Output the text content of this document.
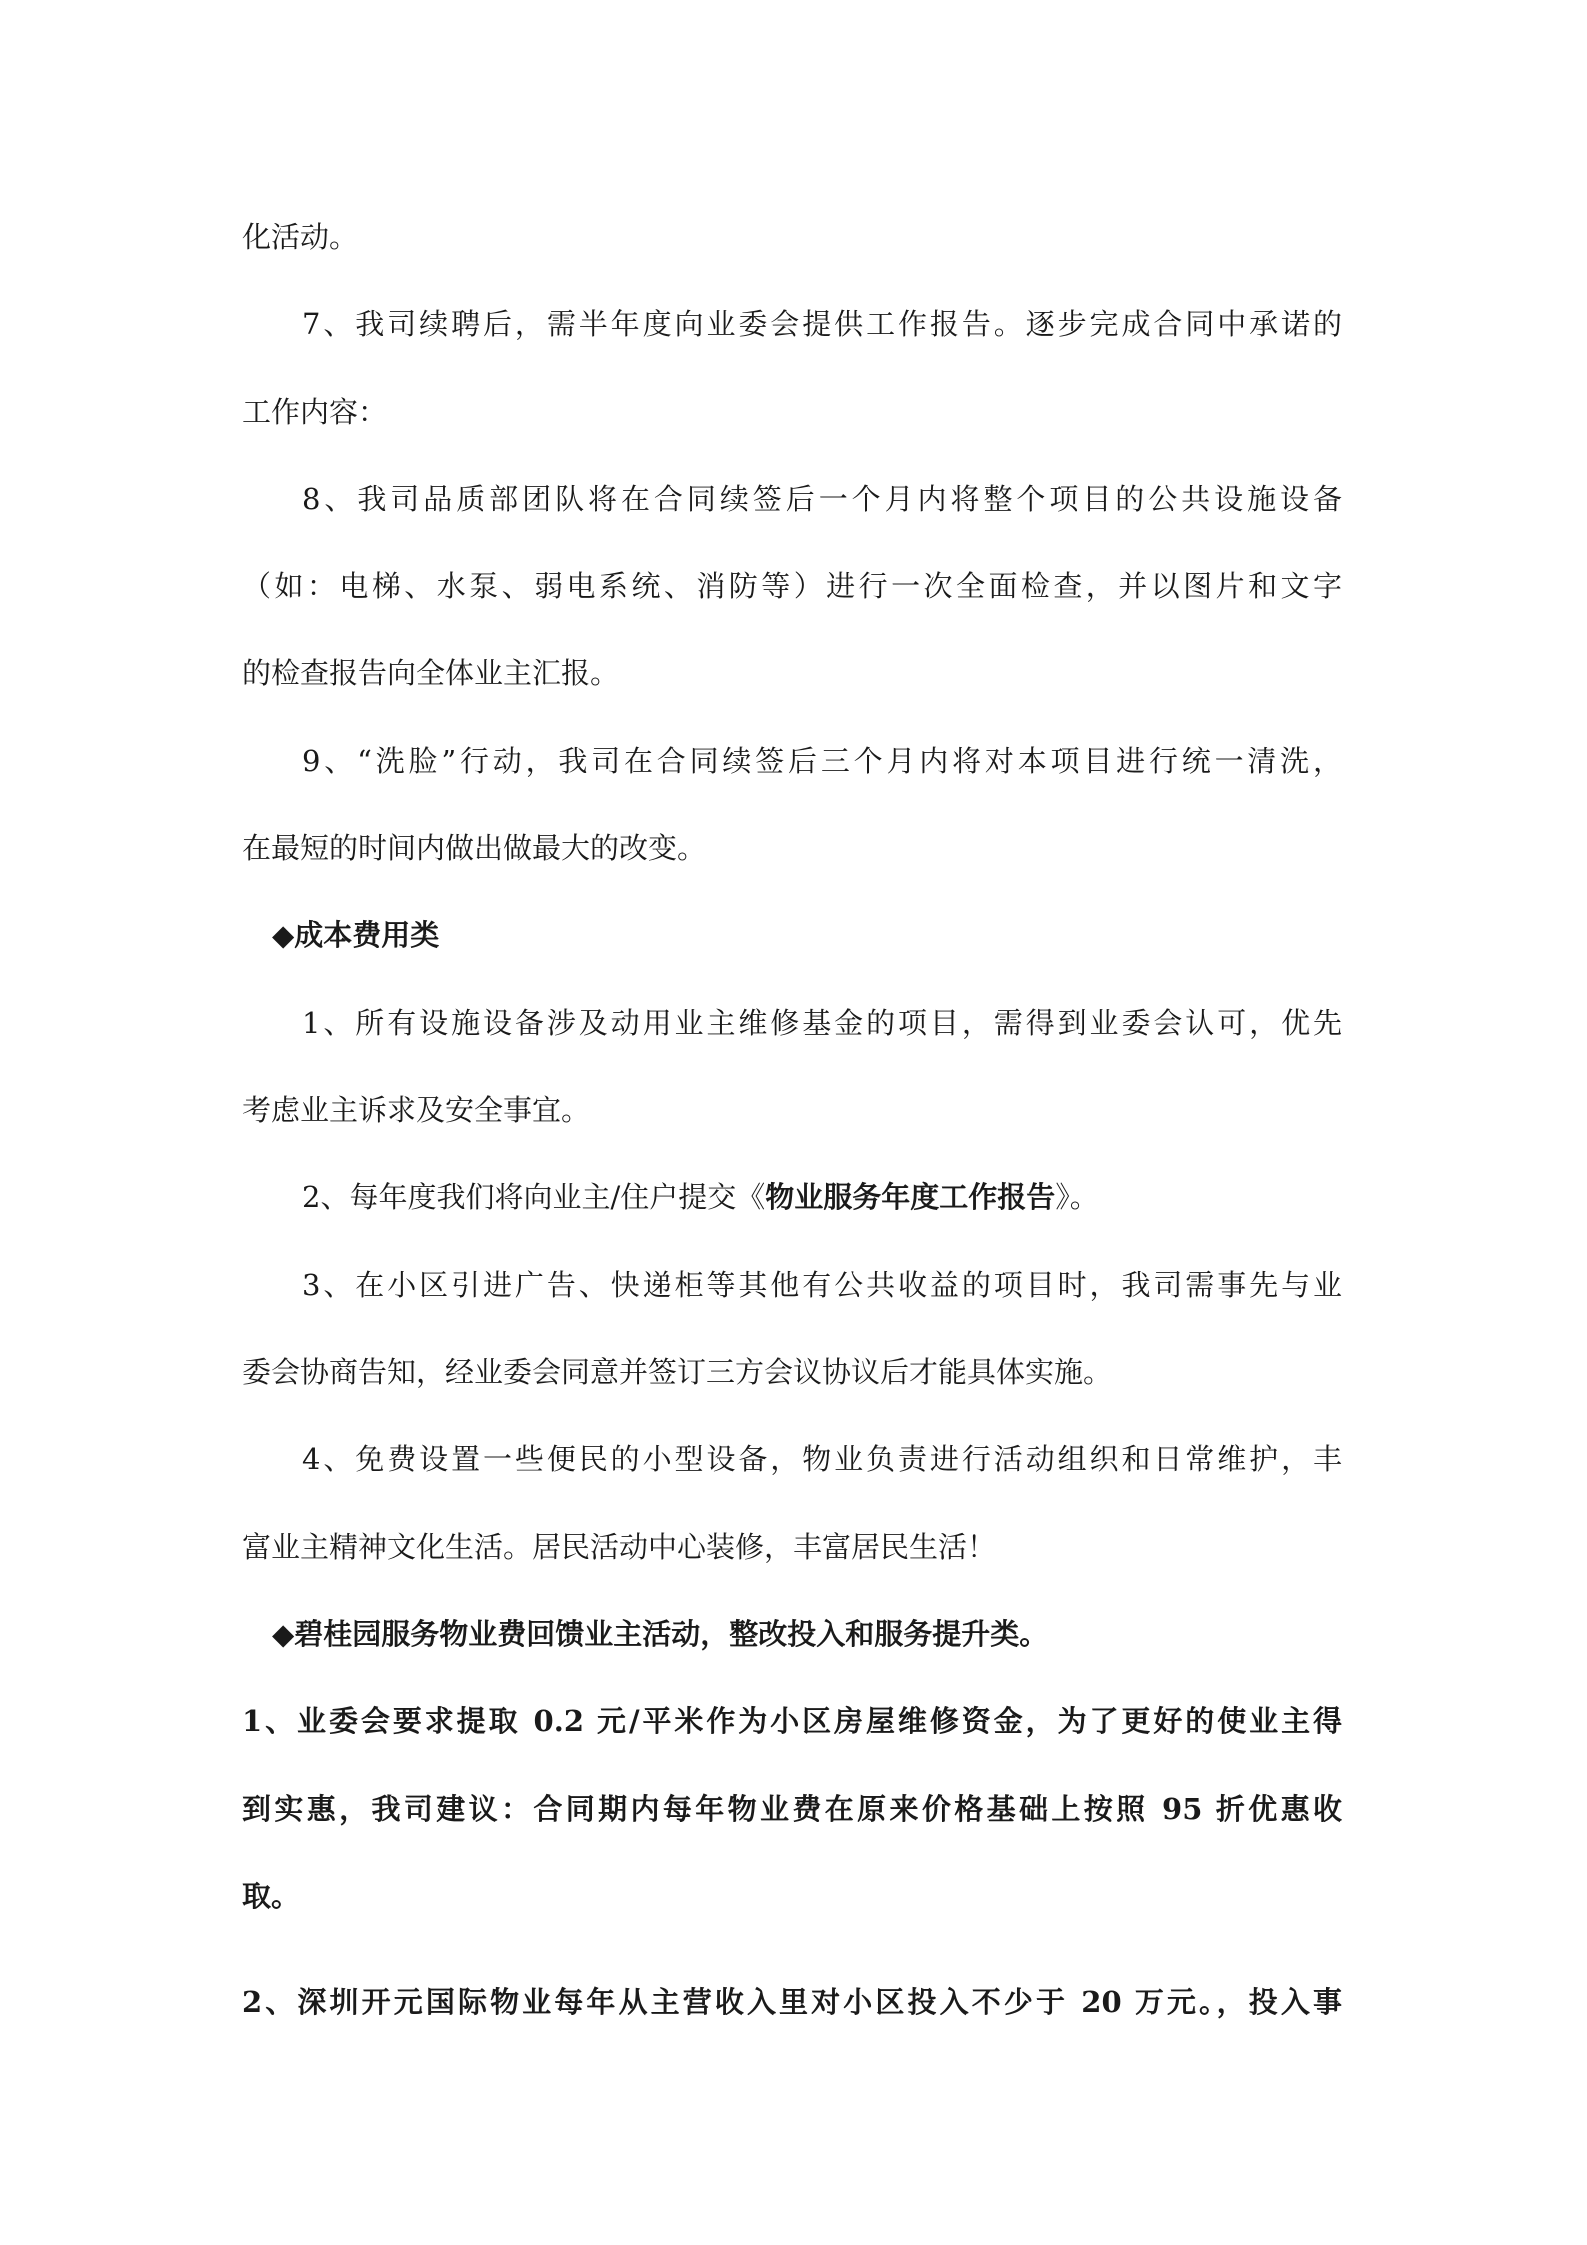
化活动。
7、我司续聘后，需半年度向业委会提供工作报告。逐步完成合同中承诺的
工作内容：
8、我司品质部团队将在合同续签后一个月内将整个项目的公共设施设备
（如：电梯、水泵、弱电系统、消防等）进行一次全面检查，并以图片和文字
的检查报告向全体业主汇报。
9、“洗脸”行动，我司在合同续签后三个月内将对本项目进行统一清洗，
在最短的时间内做出做最大的改变。
◆成本费用类
1、所有设施设备涉及动用业主维修基金的项目，需得到业委会认可，优先
考虑业主诉求及安全事宜。
2、每年度我们将向业主/住户提交《物业服务年度工作报告》。
3、在小区引进广告、快递柜等其他有公共收益的项目时，我司需事先与业
委会协商告知，经业委会同意并签订三方会议协议后才能具体实施。
4、免费设置一些便民的小型设备，物业负责进行活动组织和日常维护，丰
富业主精神文化生活。居民活动中心装修，丰富居民生活！
◆碧桂园服务物业费回馈业主活动，整改投入和服务提升类。
1、业委会要求提取 0.2 元/平米作为小区房屋维修资金，为了更好的使业主得
到实惠，我司建议：合同期内每年物业费在原来价格基础上按照 95 折优惠收
取。
2、深圳开元国际物业每年从主营收入里对小区投入不少于 20 万元。，投入事
